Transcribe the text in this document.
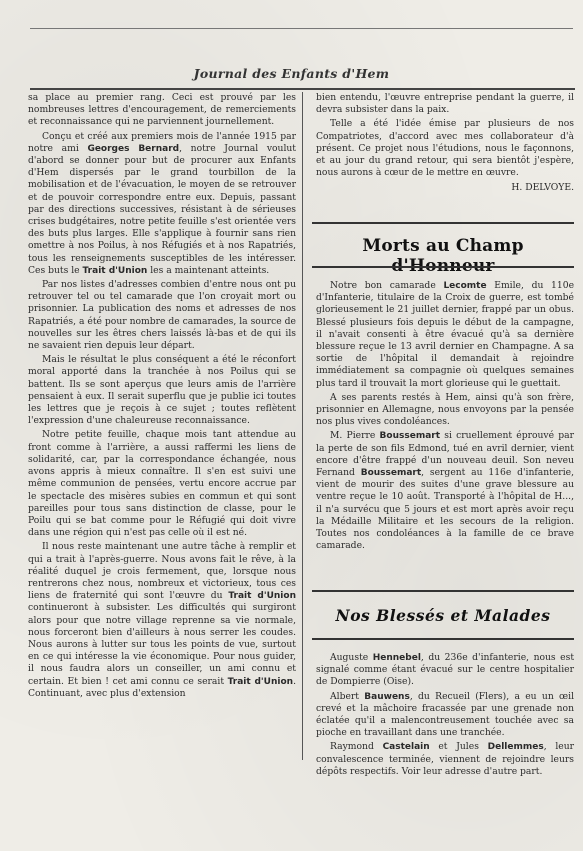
Journal des Enfants d'Hem

sa place au premier rang. Ceci est prouvé par les nombreuses lettres d'encouragement, de remerciements et reconnaissance qui ne parviennent journellement.

Conçu et créé aux premiers mois de l'année 1915 par notre ami Georges Bernard, notre Journal voulut d'abord se donner pour but de procurer aux Enfants d'Hem dispersés par le grand tourbillon de la mobilisation et de l'évacuation, le moyen de se retrouver et de pouvoir correspondre entre eux. Depuis, passant par des directions successives, résistant à de sérieuses crises budgétaires, notre petite feuille s'est orientée vers des buts plus larges. Elle s'applique à fournir sans rien omettre à nos Poilus, à nos Réfugiés et à nos Rapatriés, tous les renseignements susceptibles de les intéresser. Ces buts le Trait d'Union les a maintenant atteints.

Par nos listes d'adresses combien d'entre nous ont pu retrouver tel ou tel camarade que l'on croyait mort ou prisonnier. La publication des noms et adresses de nos Rapatriés, a été pour nombre de camarades, la source de nouvelles sur les êtres chers laissés là-bas et de qui ils ne savaient rien depuis leur départ.

Mais le résultat le plus conséquent a été le réconfort moral apporté dans la tranchée à nos Poilus qui se battent. Ils se sont aperçus que leurs amis de l'arrière pensaient à eux. Il serait superflu que je publie ici toutes les lettres que je reçois à ce sujet ; toutes reflètent l'expression d'une chaleureuse reconnaissance.

Notre petite feuille, chaque mois tant attendue au front comme à l'arrière, a aussi raffermi les liens de solidarité, car, par la correspondance échangée, nous avons appris à mieux connaître. Il s'en est suivi une même communion de pensées, vertu encore accrue par le spectacle des misères subies en commun et qui sont pareilles pour tous sans distinction de classe, pour le Poilu qui se bat comme pour le Réfugié qui doit vivre dans une région qui n'est pas celle où il est né.

Il nous reste maintenant une autre tâche à remplir et qui a trait à l'après-guerre. Nous avons fait le rêve, à la réalité duquel je crois fermement, que, lorsque nous rentrerons chez nous, nombreux et victorieux, tous ces liens de fraternité qui sont l'œuvre du Trait d'Union continueront à subsister. Les difficultés qui surgiront alors pour que notre village reprenne sa vie normale, nous forceront bien d'ailleurs à nous serrer les coudes. Nous aurons à lutter sur tous les points de vue, surtout en ce qui intéresse la vie économique. Pour nous guider, il nous faudra alors un conseiller, un ami connu et certain. Et bien ! cet ami connu ce serait Trait d'Union. Continuant, avec plus d'extension

bien entendu, l'œuvre entreprise pendant la guerre, il devra subsister dans la paix.

Telle a été l'idée émise par plusieurs de nos Compatriotes, d'accord avec mes collaborateur d'à présent. Ce projet nous l'étudions, nous le façonnons, et au jour du grand retour, qui sera bientôt j'espère, nous aurons à cœur de le mettre en œuvre.

H. DELVOYE.
Morts au Champ d'Honneur

Notre bon camarade Lecomte Emile, du 110e d'Infanterie, titulaire de la Croix de guerre, est tombé glorieusement le 21 juillet dernier, frappé par un obus. Blessé plusieurs fois depuis le début de la campagne, il n'avait consenti à être évacué qu'à sa dernière blessure reçue le 13 avril dernier en Champagne. A sa sortie de l'hôpital il demandait à rejoindre immédiatement sa compagnie où quelques semaines plus tard il trouvait la mort glorieuse qui le guettait.

A ses parents restés à Hem, ainsi qu'à son frère, prisonnier en Allemagne, nous envoyons par la pensée nos plus vives condoléances.

M. Pierre Boussemart si cruellement éprouvé par la perte de son fils Edmond, tué en avril dernier, vient encore d'être frappé d'un nouveau deuil. Son neveu Fernand Boussemart, sergent au 116e d'infanterie, vient de mourir des suites d'une grave blessure au ventre reçue le 10 août. Transporté à l'hôpital de H..., il n'a survécu que 5 jours et est mort après avoir reçu la Médaille Militaire et les secours de la religion. Toutes nos condoléances à la famille de ce brave camarade.

Nos Blessés et Malades

Auguste Hennebel, du 236e d'infanterie, nous est signalé comme étant évacué sur le centre hospitalier de Dompierre (Oise).

Albert Bauwens, du Recueil (Flers), a eu un œil crevé et la mâchoire fracassée par une grenade non éclatée qu'il a malencontreusement touchée avec sa pioche en travaillant dans une tranchée.

Raymond Castelain et Jules Dellemmes, leur convalescence terminée, viennent de rejoindre leurs dépôts respectifs. Voir leur adresse d'autre part.
